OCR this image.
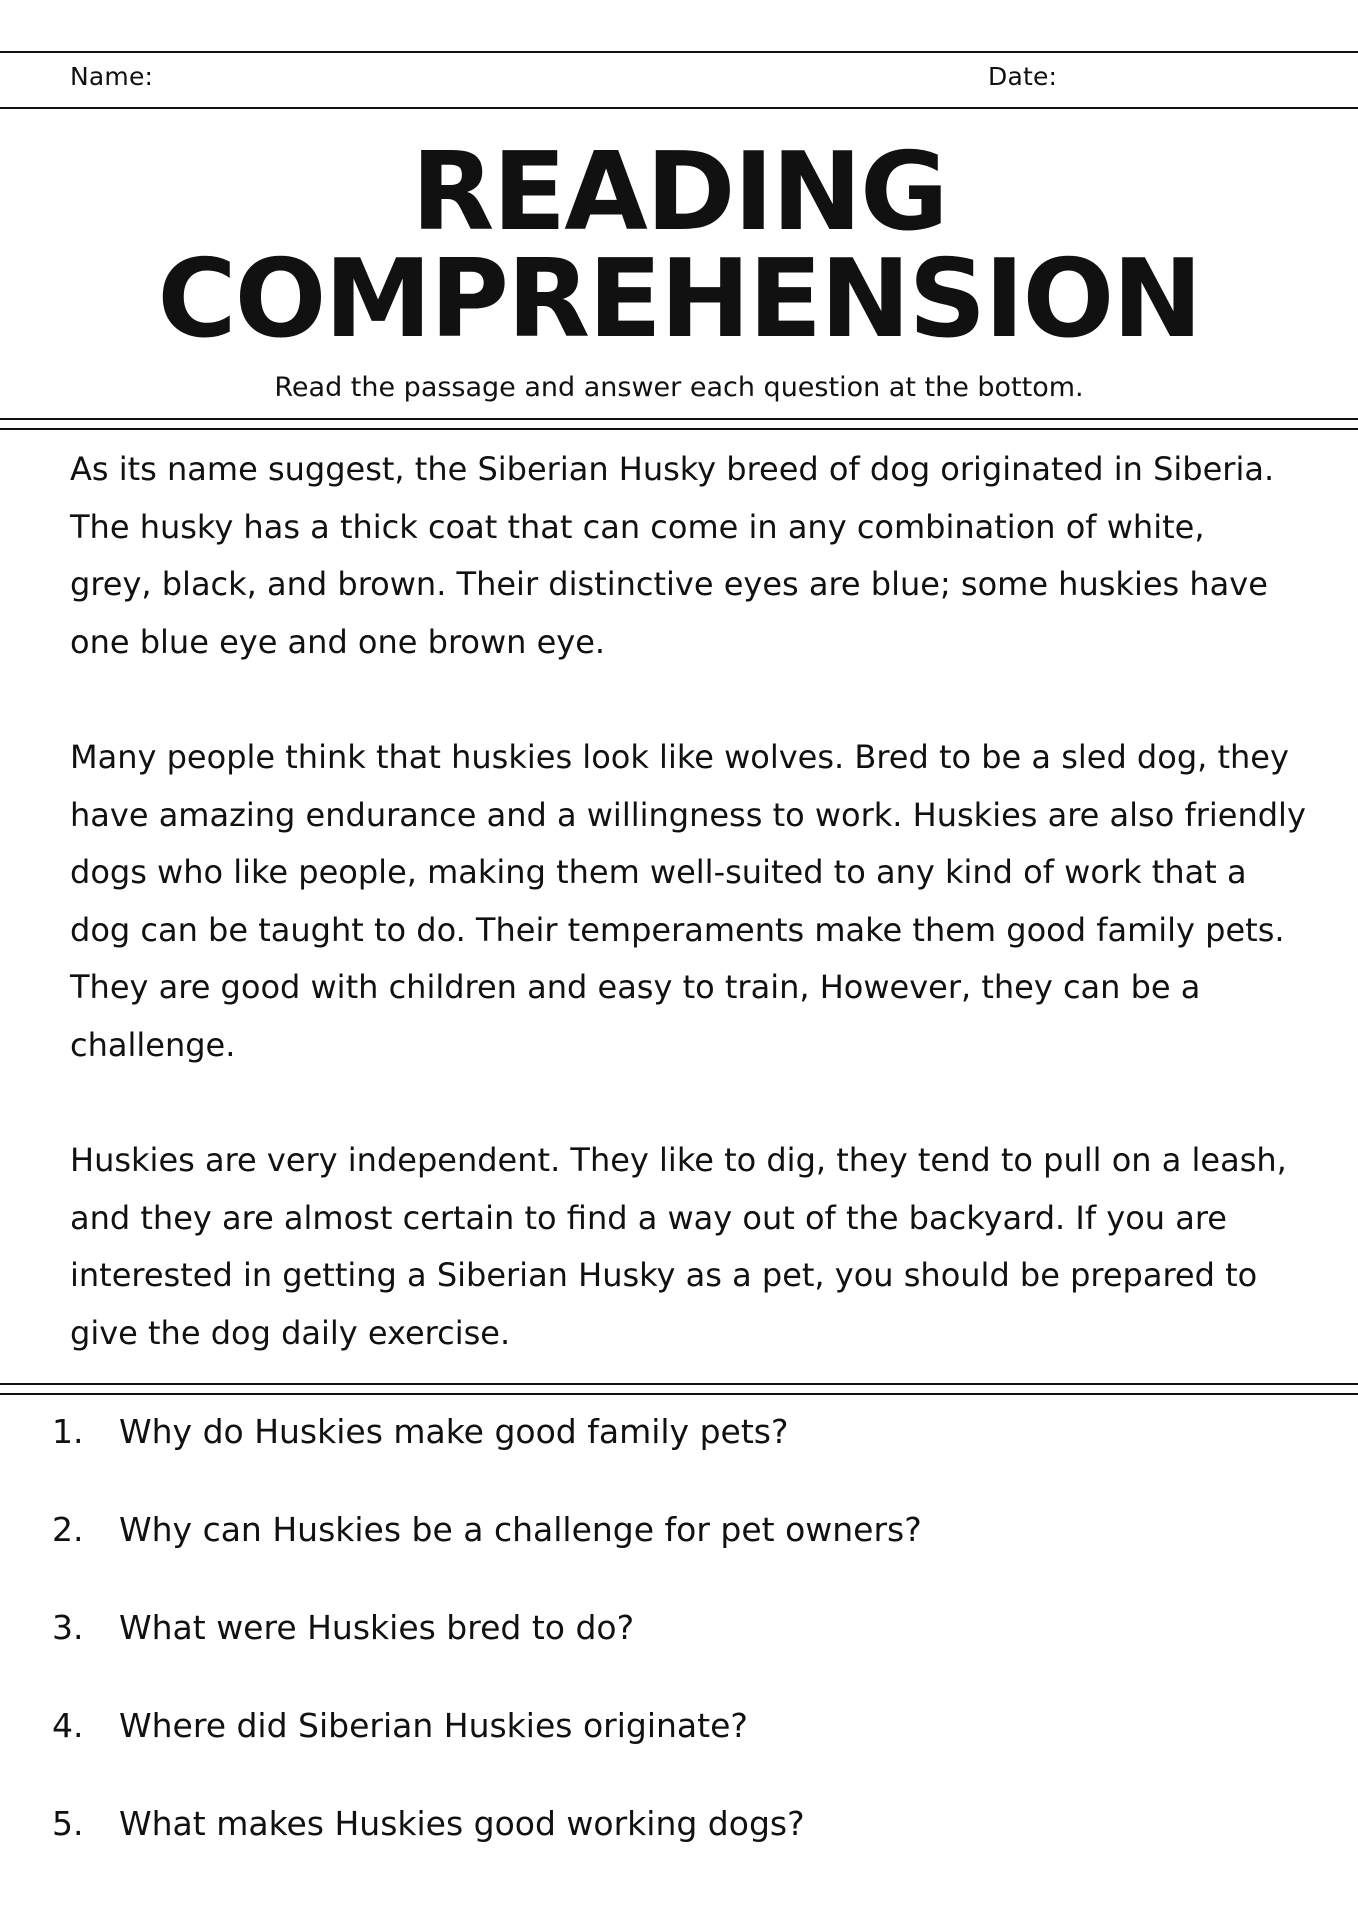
Name:	Date:
READING
COMPREHENSION
Read the passage and answer each question at the bottom.
As its name suggest, the Siberian Husky breed of dog originated in Siberia.
The husky has a thick coat that can come in any combination of white,
grey, black, and brown. Their distinctive eyes are blue; some huskies have
one blue eye and one brown eye.
Many people think that huskies look like wolves. Bred to be a sled dog, they
have amazing endurance and a willingness to work. Huskies are also friendly
dogs who like people, making them well-suited to any kind of work that a
dog can be taught to do. Their temperaments make them good family pets.
They are good with children and easy to train, However, they can be a
challenge.
Huskies are very independent. They like to dig, they tend to pull on a leash,
and they are almost certain to find a way out of the backyard. If you are
interested in getting a Siberian Husky as a pet, you should be prepared to
give the dog daily exercise.
1. Why do Huskies make good family pets?
2. Why can Huskies be a challenge for pet owners?
3. What were Huskies bred to do?
4. Where did Siberian Huskies originate?
5. What makes Huskies good working dogs?
